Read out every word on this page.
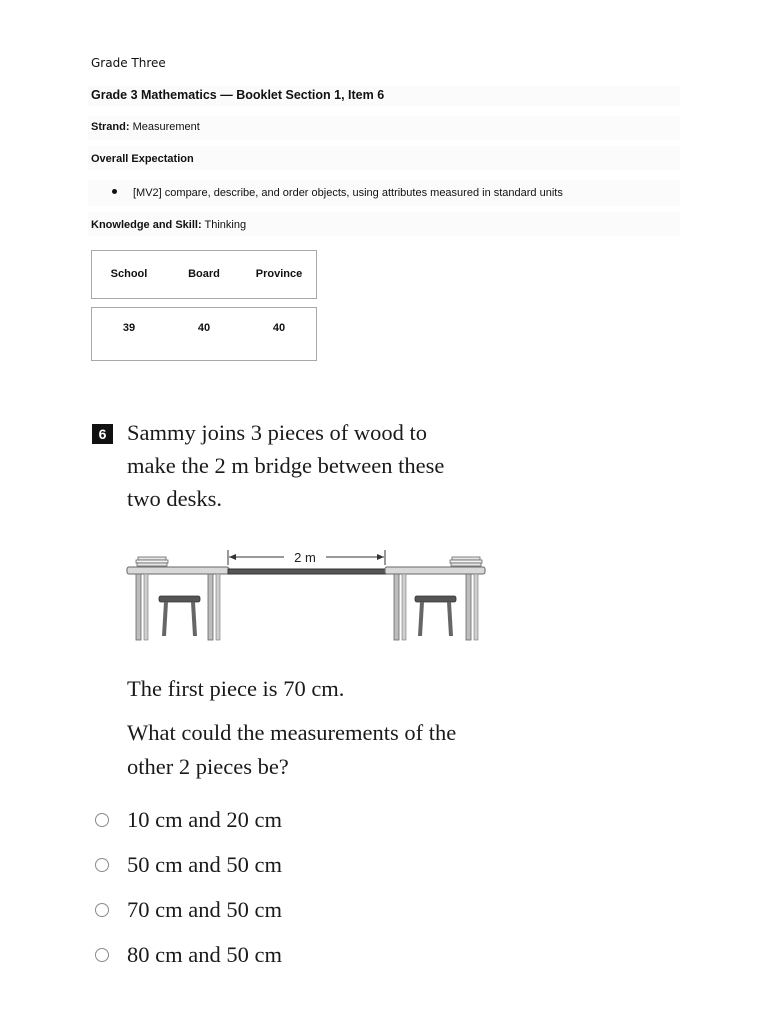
Grade Three
Grade 3 Mathematics — Booklet Section 1, Item 6
Strand: Measurement
Overall Expectation
[MV2] compare, describe, and order objects, using attributes measured in standard units
Knowledge and Skill: Thinking
School	Board	Province
39	40	40
6 Sammy joins 3 pieces of wood to
make the 2 m bridge between these
two desks.
2 m
The first piece is 70 cm.
What could the measurements of the
other 2 pieces be?
10 cm and 20 cm
50 cm and 50 cm
70 cm and 50 cm
80 cm and 50 cm
